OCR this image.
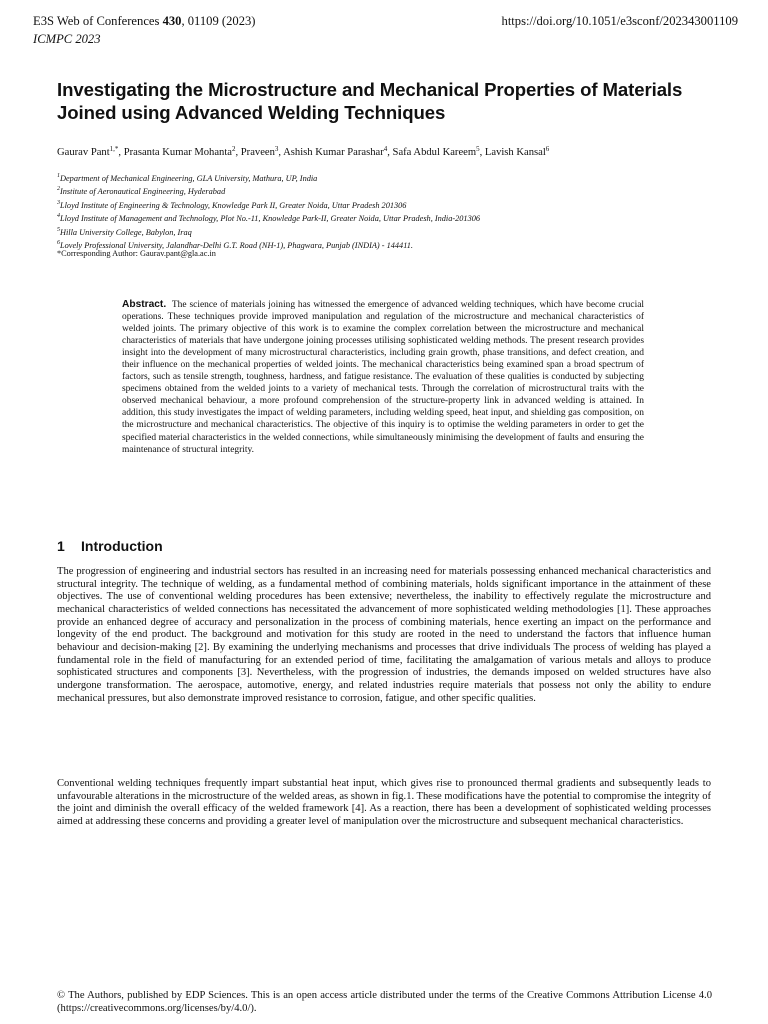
E3S Web of Conferences 430, 01109 (2023)	https://doi.org/10.1051/e3sconf/202343001109
ICMPC 2023
Investigating the Microstructure and Mechanical Properties of Materials Joined using Advanced Welding Techniques
Gaurav Pant$^{1,*}$, Prasanta Kumar Mohanta$^2$, Praveen$^3$, Ashish Kumar Parashar$^4$, Safa Abdul Kareem$^5$, Lavish Kansal$^6$
$^1$Department of Mechanical Engineering, GLA University, Mathura, UP, India
$^2$Institute of Aeronautical Engineering, Hyderabad
$^3$Lloyd Institute of Engineering & Technology, Knowledge Park II, Greater Noida, Uttar Pradesh 201306
$^4$Lloyd Institute of Management and Technology, Plot No.-11, Knowledge Park-II, Greater Noida, Uttar Pradesh, India-201306
$^5$Hilla University College, Babylon, Iraq
$^6$Lovely Professional University, Jalandhar-Delhi G.T. Road (NH-1), Phagwara, Punjab (INDIA) - 144411.
*Corresponding Author: Gaurav.pant@gla.ac.in
Abstract. The science of materials joining has witnessed the emergence of advanced welding techniques, which have become crucial operations. These techniques provide improved manipulation and regulation of the microstructure and mechanical characteristics of welded joints. The primary objective of this work is to examine the complex correlation between the microstructure and mechanical characteristics of materials that have undergone joining processes utilising sophisticated welding methods. The present research provides insight into the development of many microstructural characteristics, including grain growth, phase transitions, and defect creation, and their influence on the mechanical properties of welded joints. The mechanical characteristics being examined span a broad spectrum of factors, such as tensile strength, toughness, hardness, and fatigue resistance. The evaluation of these qualities is conducted by subjecting specimens obtained from the welded joints to a variety of mechanical tests. Through the correlation of microstructural traits with the observed mechanical behaviour, a more profound comprehension of the structure-property link in advanced welding is attained. In addition, this study investigates the impact of welding parameters, including welding speed, heat input, and shielding gas composition, on the microstructure and mechanical characteristics. The objective of this inquiry is to optimise the welding parameters in order to get the specified material characteristics in the welded connections, while simultaneously minimising the development of faults and ensuring the maintenance of structural integrity.
1 Introduction
The progression of engineering and industrial sectors has resulted in an increasing need for materials possessing enhanced mechanical characteristics and structural integrity. The technique of welding, as a fundamental method of combining materials, holds significant importance in the attainment of these objectives. The use of conventional welding procedures has been extensive; nevertheless, the inability to effectively regulate the microstructure and mechanical characteristics of welded connections has necessitated the advancement of more sophisticated welding methodologies [1]. These approaches provide an enhanced degree of accuracy and personalization in the process of combining materials, hence exerting an impact on the performance and longevity of the end product. The background and motivation for this study are rooted in the need to understand the factors that influence human behaviour and decision-making [2]. By examining the underlying mechanisms and processes that drive individuals The process of welding has played a fundamental role in the field of manufacturing for an extended period of time, facilitating the amalgamation of various metals and alloys to produce sophisticated structures and components [3]. Nevertheless, with the progression of industries, the demands imposed on welded structures have also undergone transformation. The aerospace, automotive, energy, and related industries require materials that possess not only the ability to endure mechanical pressures, but also demonstrate improved resistance to corrosion, fatigue, and other specific qualities.
Conventional welding techniques frequently impart substantial heat input, which gives rise to pronounced thermal gradients and subsequently leads to unfavourable alterations in the microstructure of the welded areas, as shown in fig.1. These modifications have the potential to compromise the integrity of the joint and diminish the overall efficacy of the welded framework [4]. As a reaction, there has been a development of sophisticated welding processes aimed at addressing these concerns and providing a greater level of manipulation over the microstructure and subsequent mechanical characteristics.
© The Authors, published by EDP Sciences. This is an open access article distributed under the terms of the Creative Commons Attribution License 4.0 (https://creativecommons.org/licenses/by/4.0/).
